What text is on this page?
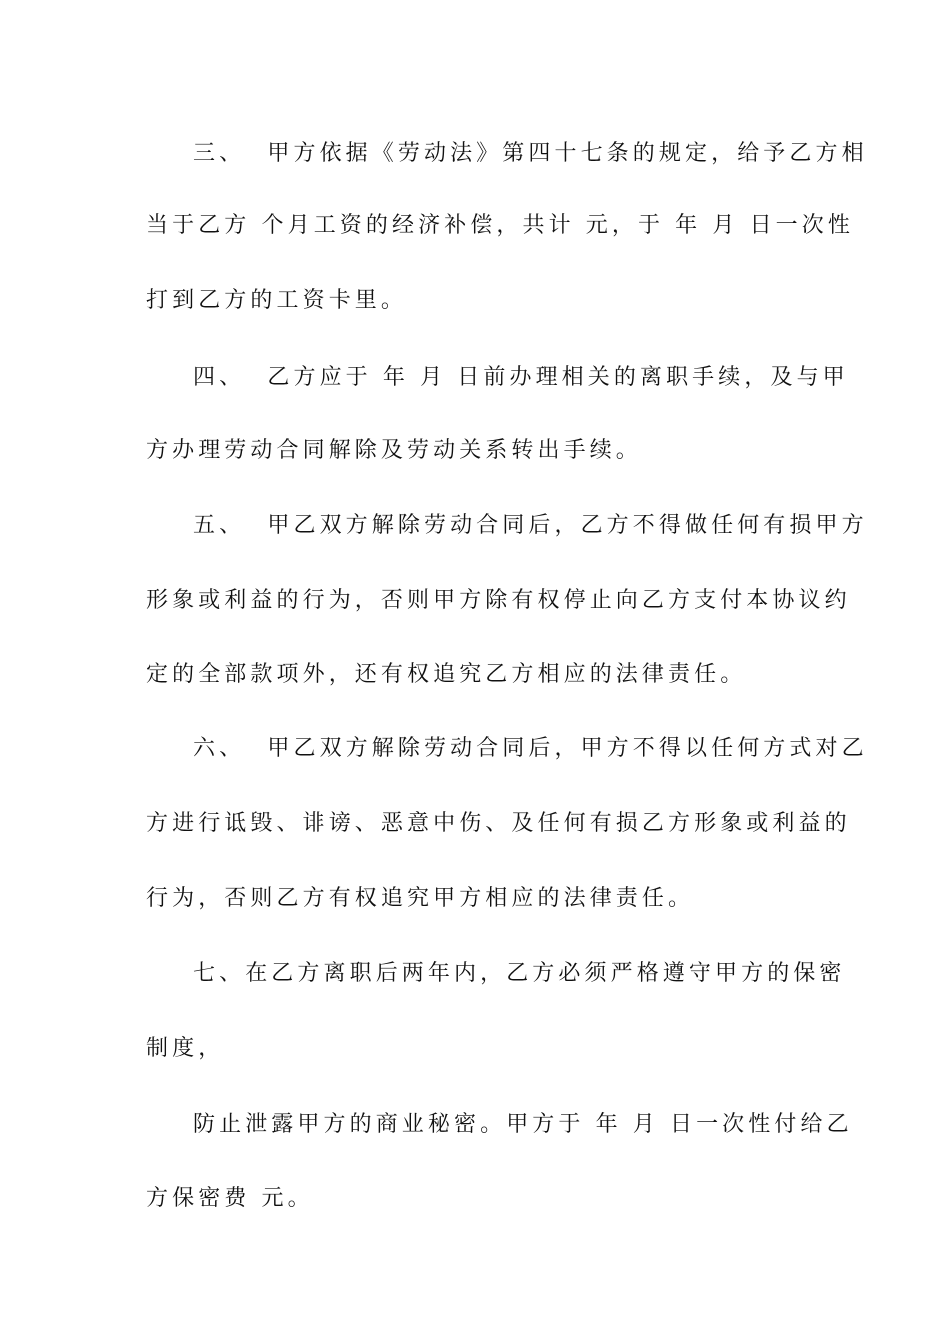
三、  甲方依据《劳动法》第四十七条的规定，给予乙方相
当于乙方 个月工资的经济补偿，共计 元，于 年 月 日一次性
打到乙方的工资卡里。
四、  乙方应于 年 月 日前办理相关的离职手续，及与甲
方办理劳动合同解除及劳动关系转出手续。
五、  甲乙双方解除劳动合同后，乙方不得做任何有损甲方
形象或利益的行为，否则甲方除有权停止向乙方支付本协议约
定的全部款项外，还有权追究乙方相应的法律责任。
六、  甲乙双方解除劳动合同后，甲方不得以任何方式对乙
方进行诋毁、诽谤、恶意中伤、及任何有损乙方形象或利益的
行为，否则乙方有权追究甲方相应的法律责任。
七、在乙方离职后两年内，乙方必须严格遵守甲方的保密
制度，
防止泄露甲方的商业秘密。甲方于 年 月 日一次性付给乙
方保密费 元。
